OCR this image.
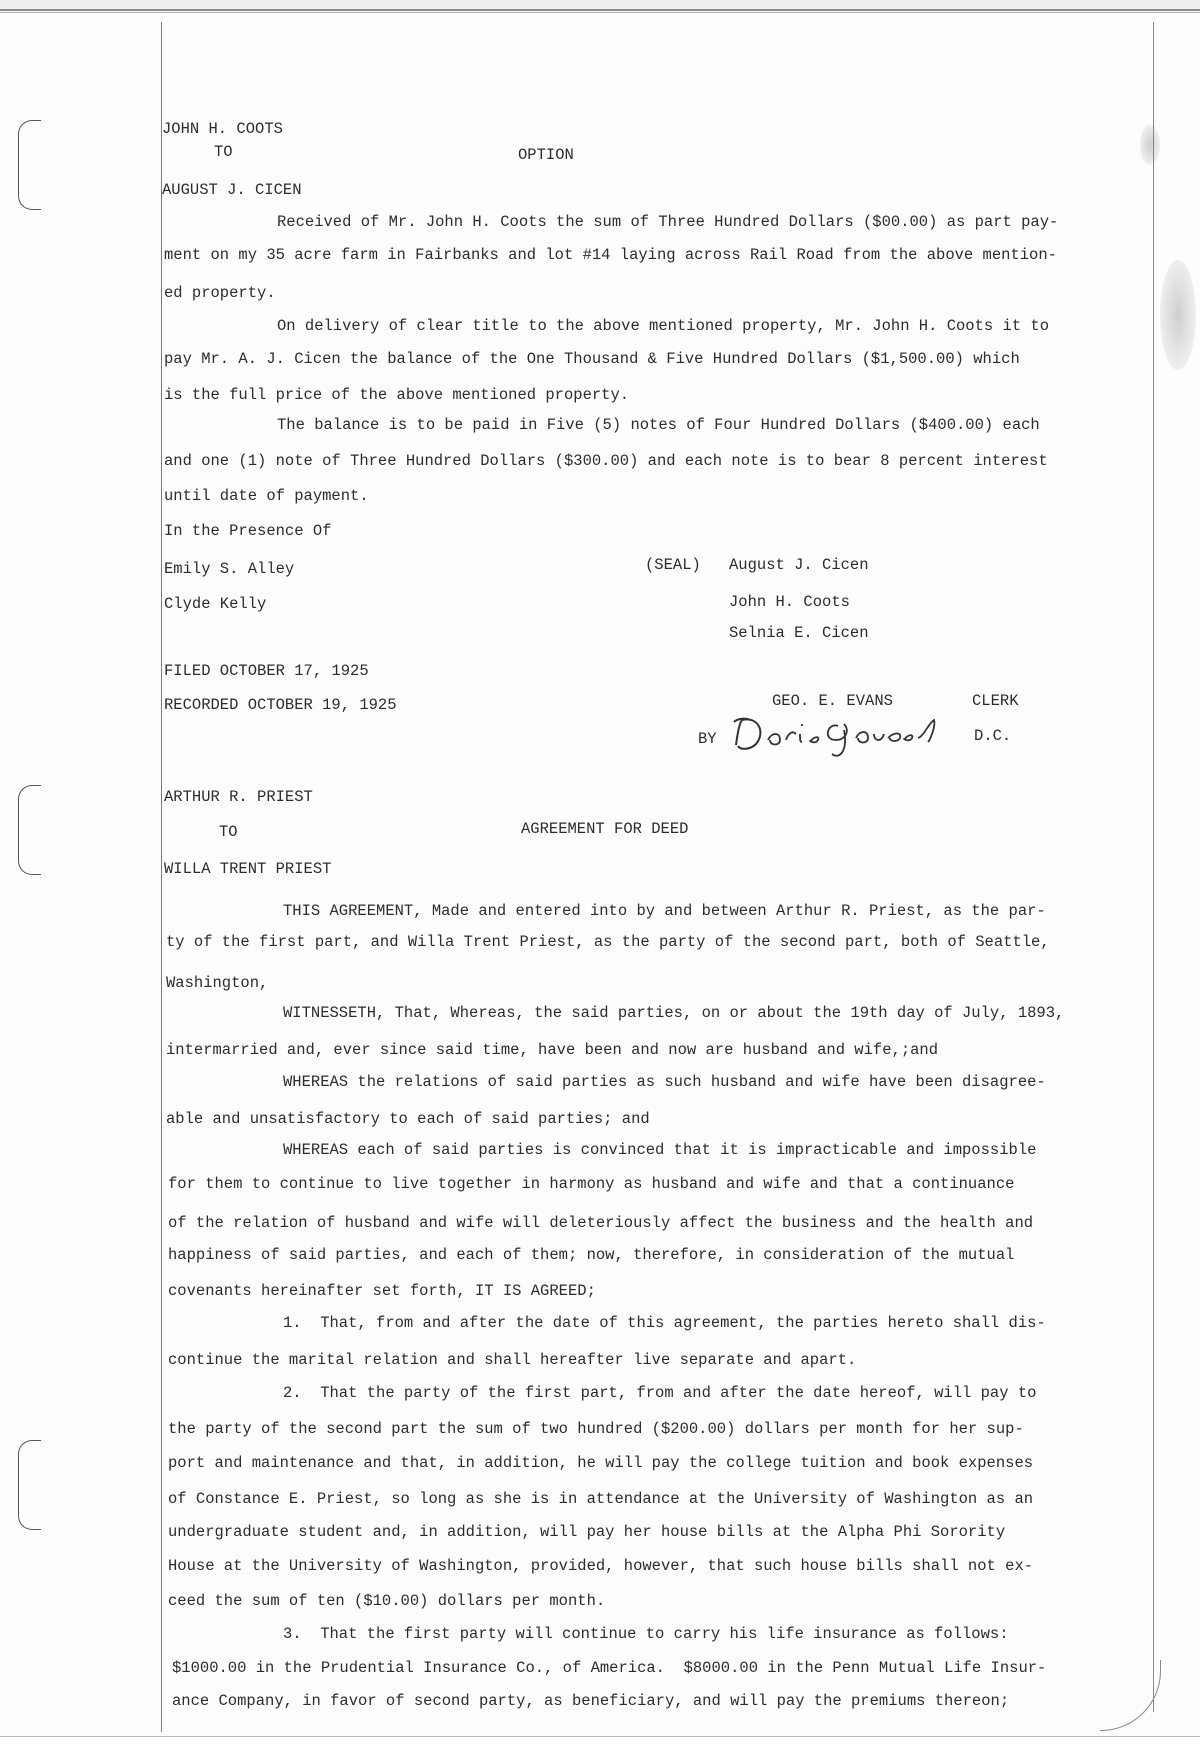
JOHN H. COOTS
TO	OPTION
AUGUST J. CICEN
Received of Mr. John H. Coots the sum of Three Hundred Dollars ($00.00) as part pay-
ment on my 35 acre farm in Fairbanks and lot #14 laying across Rail Road from the above mention-
ed property.
On delivery of clear title to the above mentioned property, Mr. John H. Coots it to
pay Mr. A. J. Cicen the balance of the One Thousand & Five Hundred Dollars ($1,500.00) which
is the full price of the above mentioned property.
The balance is to be paid in Five (5) notes of Four Hundred Dollars ($400.00) each
and one (1) note of Three Hundred Dollars ($300.00) and each note is to bear 8 percent interest
until date of payment.
In the Presence Of
Emily S. Alley	(SEAL) August J. Cicen
Clyde Kelly	John H. Coots
Selnia E. Cicen
FILED OCTOBER 17, 1925
RECORDED OCTOBER 19, 1925	GEO. E. EVANS	CLERK
BY	D.C.
ARTHUR R. PRIEST
TO	AGREEMENT FOR DEED
WILLA TRENT PRIEST
THIS AGREEMENT, Made and entered into by and between Arthur R. Priest, as the par-
ty of the first part, and Willa Trent Priest, as the party of the second part, both of Seattle,
Washington,
WITNESSETH, That, Whereas, the said parties, on or about the 19th day of July, 1893,
intermarried and, ever since said time, have been and now are husband and wife,;and
WHEREAS the relations of said parties as such husband and wife have been disagree-
able and unsatisfactory to each of said parties; and
WHEREAS each of said parties is convinced that it is impracticable and impossible
for them to continue to live together in harmony as husband and wife and that a continuance
of the relation of husband and wife will deleteriously affect the business and the health and
happiness of said parties, and each of them; now, therefore, in consideration of the mutual
covenants hereinafter set forth, IT IS AGREED;
1.  That, from and after the date of this agreement, the parties hereto shall dis-
continue the marital relation and shall hereafter live separate and apart.
2.  That the party of the first part, from and after the date hereof, will pay to
the party of the second part the sum of two hundred ($200.00) dollars per month for her sup-
port and maintenance and that, in addition, he will pay the college tuition and book expenses
of Constance E. Priest, so long as she is in attendance at the University of Washington as an
undergraduate student and, in addition, will pay her house bills at the Alpha Phi Sorority
House at the University of Washington, provided, however, that such house bills shall not ex-
ceed the sum of ten ($10.00) dollars per month.
3.  That the first party will continue to carry his life insurance as follows:
$1000.00 in the Prudential Insurance Co., of America.  $8000.00 in the Penn Mutual Life Insur-
ance Company, in favor of second party, as beneficiary, and will pay the premiums thereon;
